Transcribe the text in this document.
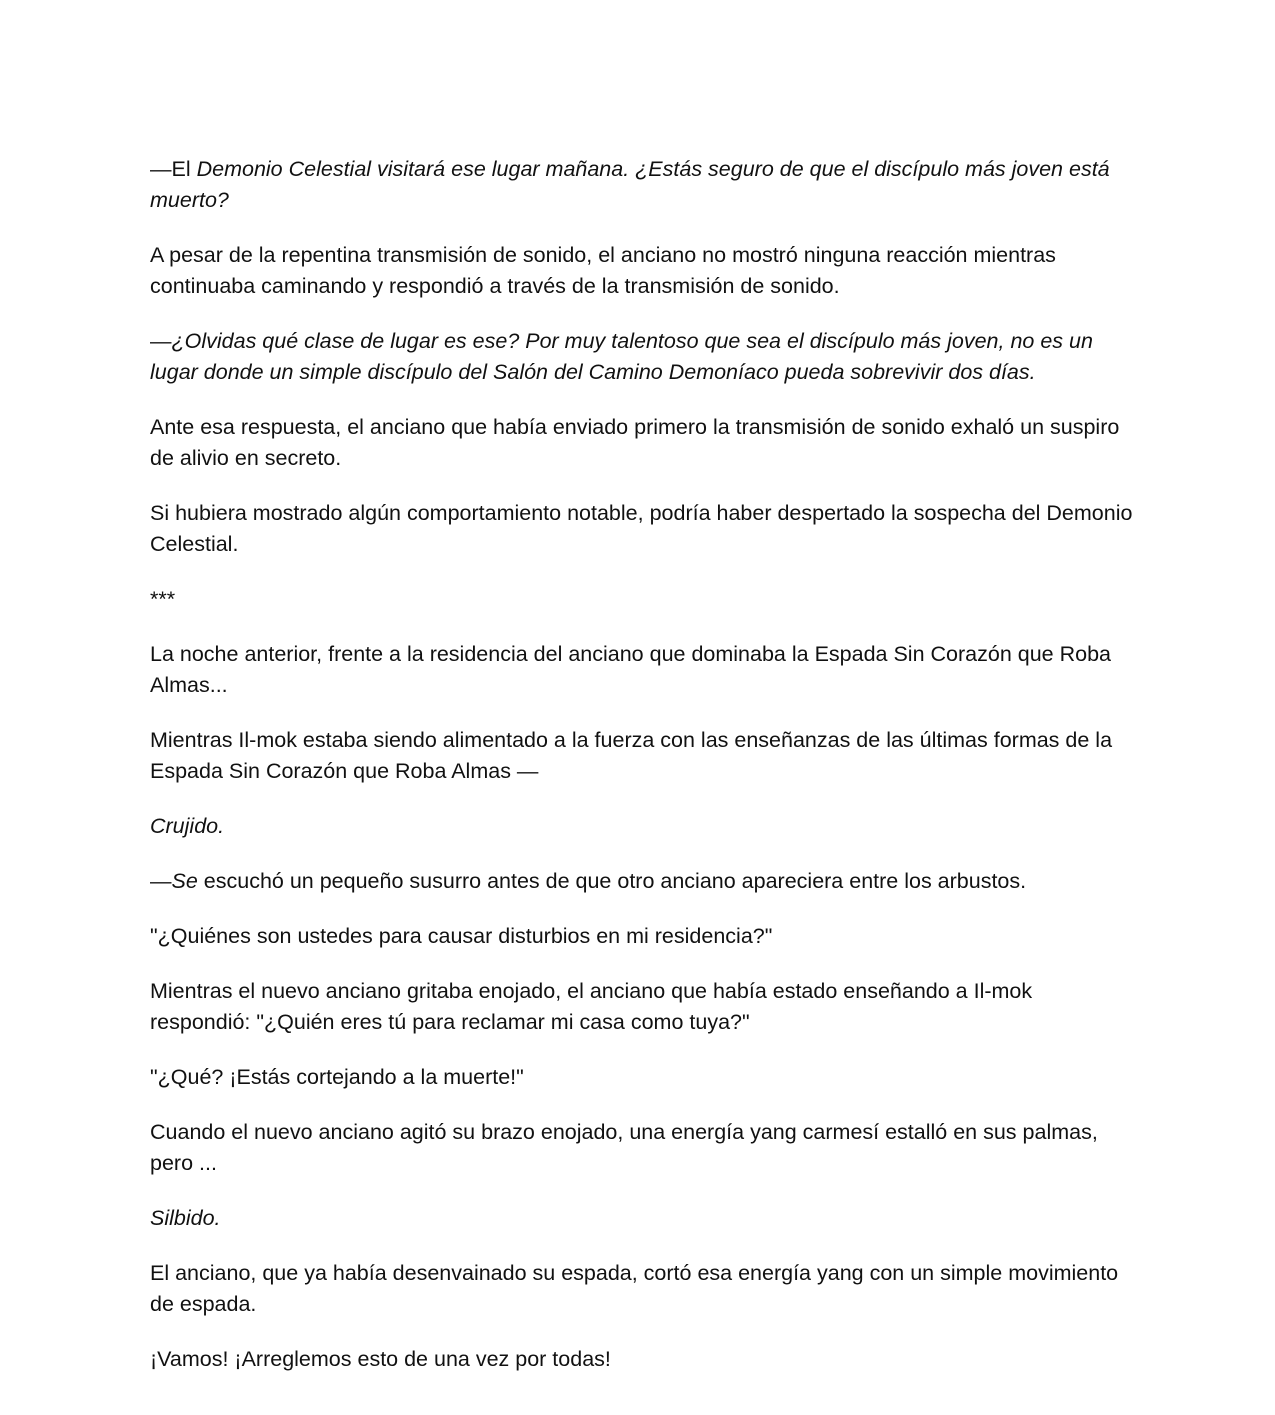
—El Demonio Celestial visitará ese lugar mañana. ¿Estás seguro de que el discípulo más joven está muerto?

A pesar de la repentina transmisión de sonido, el anciano no mostró ninguna reacción mientras continuaba caminando y respondió a través de la transmisión de sonido.

—¿Olvidas qué clase de lugar es ese? Por muy talentoso que sea el discípulo más joven, no es un lugar donde un simple discípulo del Salón del Camino Demoníaco pueda sobrevivir dos días.

Ante esa respuesta, el anciano que había enviado primero la transmisión de sonido exhaló un suspiro de alivio en secreto.

Si hubiera mostrado algún comportamiento notable, podría haber despertado la sospecha del Demonio Celestial.

***

La noche anterior, frente a la residencia del anciano que dominaba la Espada Sin Corazón que Roba Almas...

Mientras Il-mok estaba siendo alimentado a la fuerza con las enseñanzas de las últimas formas de la Espada Sin Corazón que Roba Almas —

Crujido.

—Se escuchó un pequeño susurro antes de que otro anciano apareciera entre los arbustos.

"¿Quiénes son ustedes para causar disturbios en mi residencia?"

Mientras el nuevo anciano gritaba enojado, el anciano que había estado enseñando a Il-mok respondió: "¿Quién eres tú para reclamar mi casa como tuya?"

"¿Qué? ¡Estás cortejando a la muerte!"

Cuando el nuevo anciano agitó su brazo enojado, una energía yang carmesí estalló en sus palmas, pero ...

Silbido.

El anciano, que ya había desenvainado su espada, cortó esa energía yang con un simple movimiento de espada.

¡Vamos! ¡Arreglemos esto de una vez por todas!
